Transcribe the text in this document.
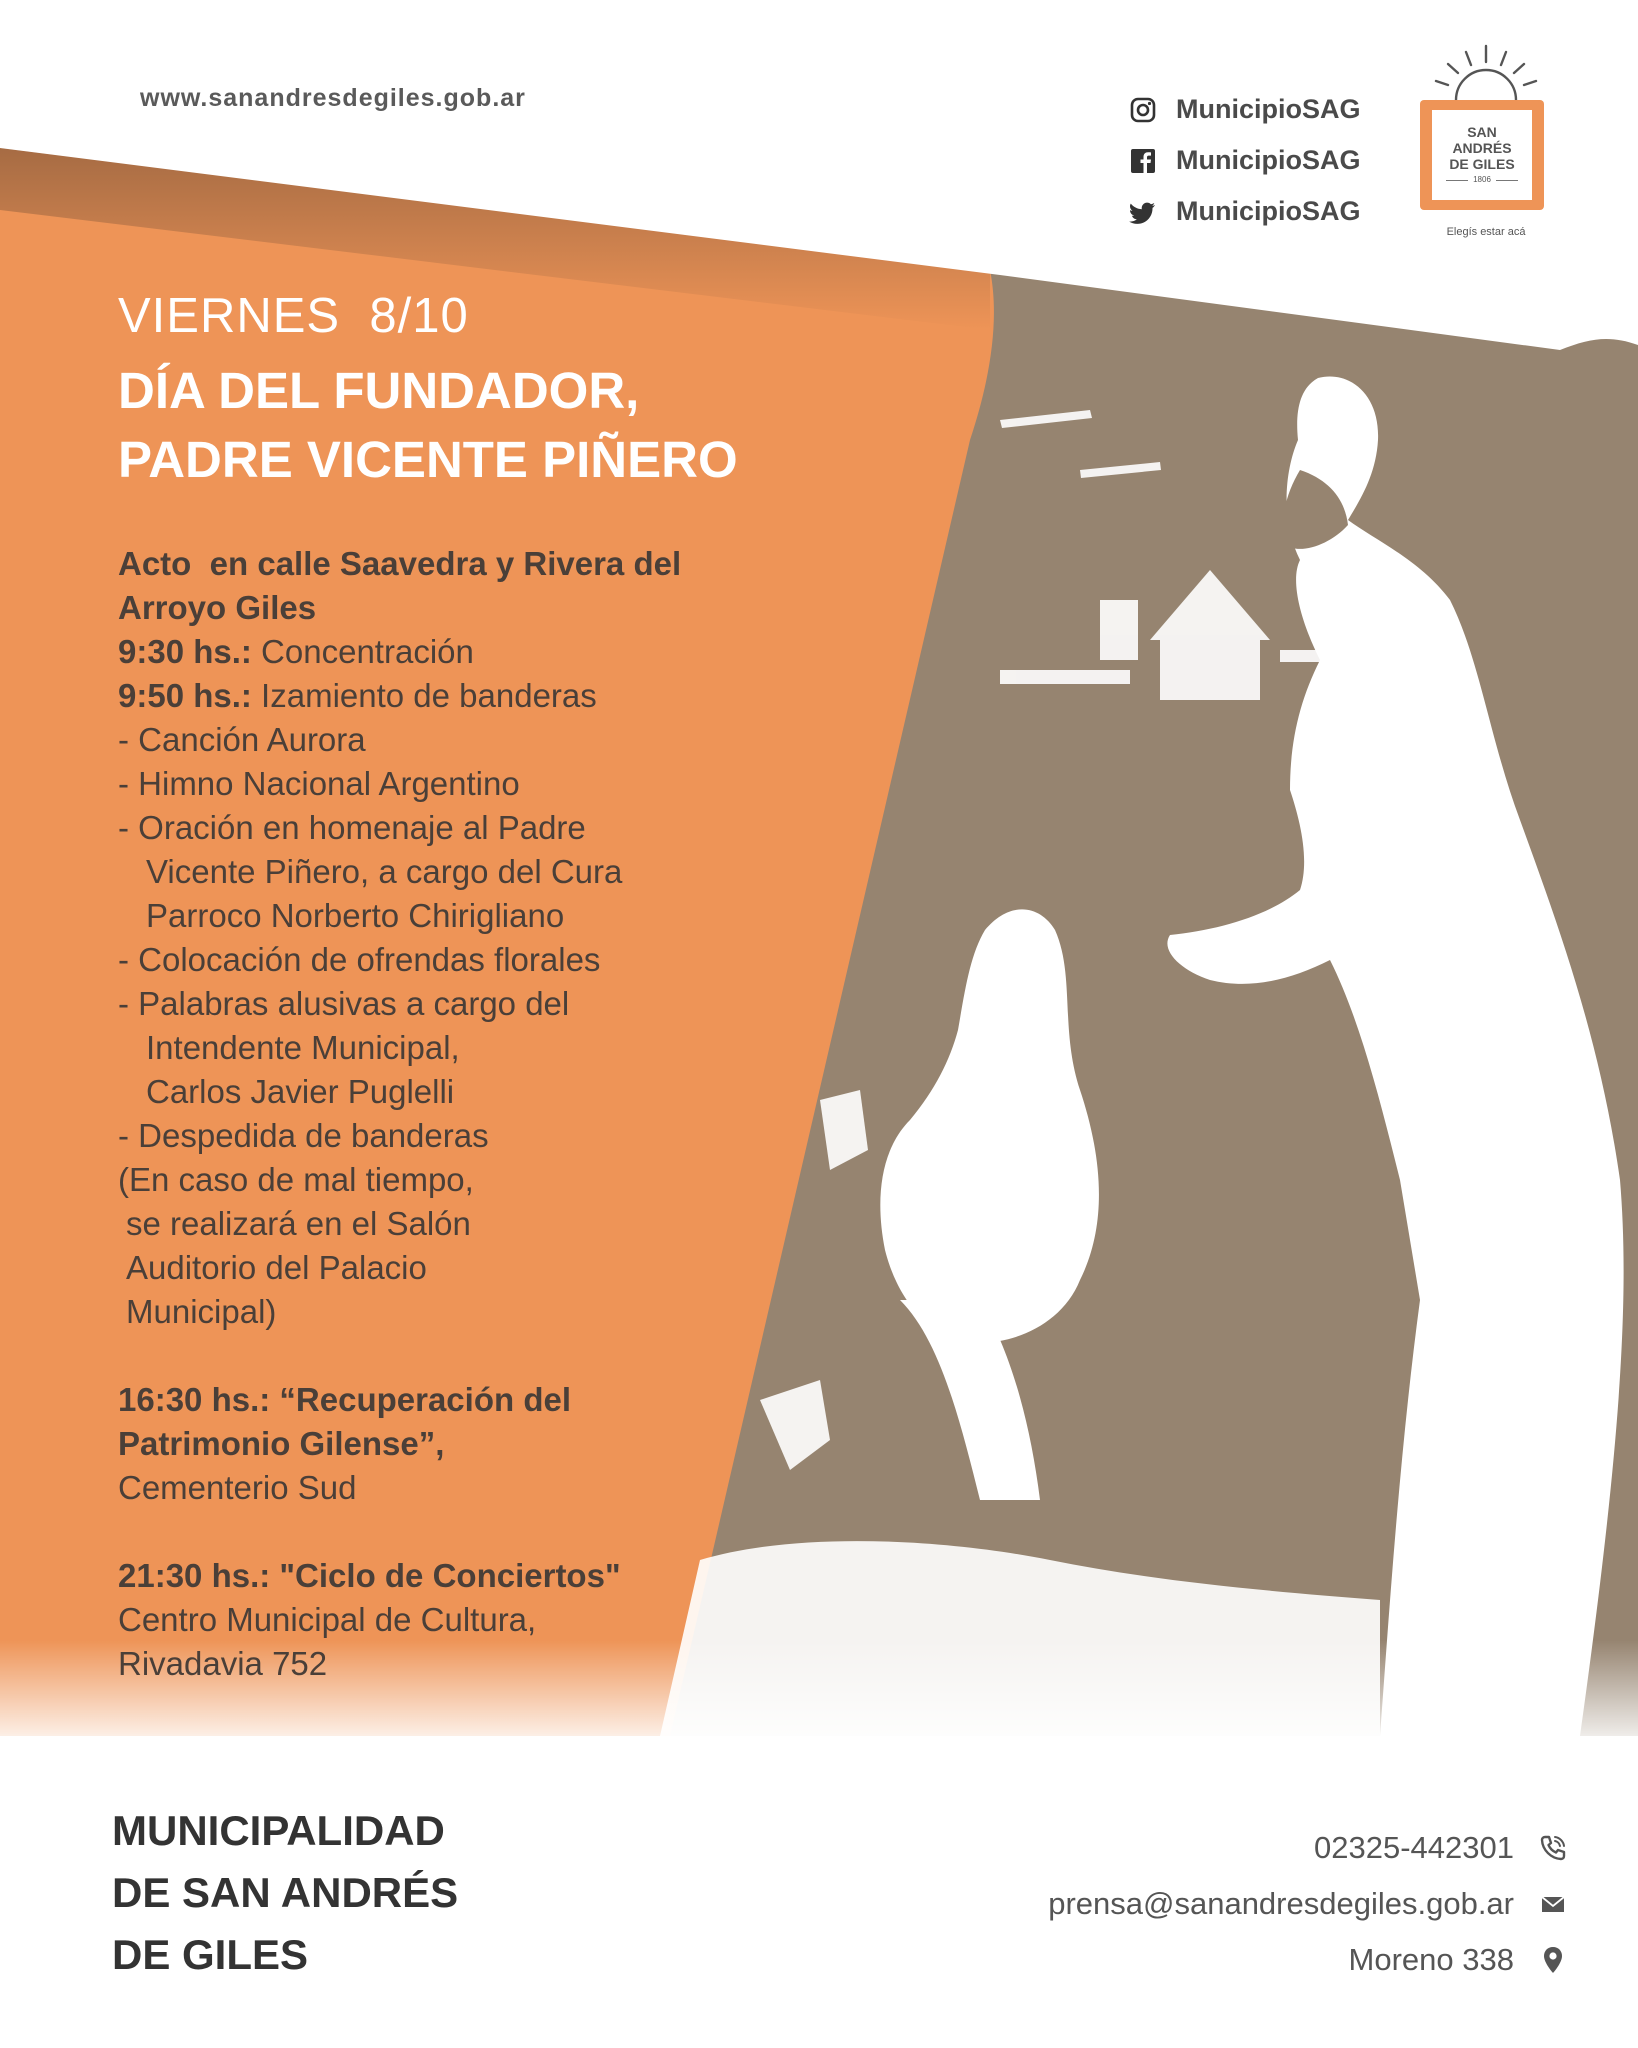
www.sanandresdegiles.gob.ar	MunicipioSAG
MunicipioSAG
MunicipioSAG
SAN
ANDRÉS
DE GILES
1806
Elegís estar acá
VIERNES  8/10
DÍA DEL FUNDADOR,
PADRE VICENTE PIÑERO
Acto  en calle Saavedra y Rivera del
Arroyo Giles
9:30 hs.: Concentración
9:50 hs.: Izamiento de banderas
- Canción Aurora
- Himno Nacional Argentino
- Oración en homenaje al Padre
Vicente Piñero, a cargo del Cura
Parroco Norberto Chirigliano
- Colocación de ofrendas florales
- Palabras alusivas a cargo del
Intendente Municipal,
Carlos Javier Puglelli
- Despedida de banderas
(En caso de mal tiempo,
se realizará en el Salón
Auditorio del Palacio
Municipal)
16:30 hs.: “Recuperación del
Patrimonio Gilense”,
Cementerio Sud
21:30 hs.: "Ciclo de Conciertos"
Centro Municipal de Cultura,
Rivadavia 752
MUNICIPALIDAD
DE SAN ANDRÉS
DE GILES
02325-442301
prensa@sanandresdegiles.gob.ar
Moreno 338
